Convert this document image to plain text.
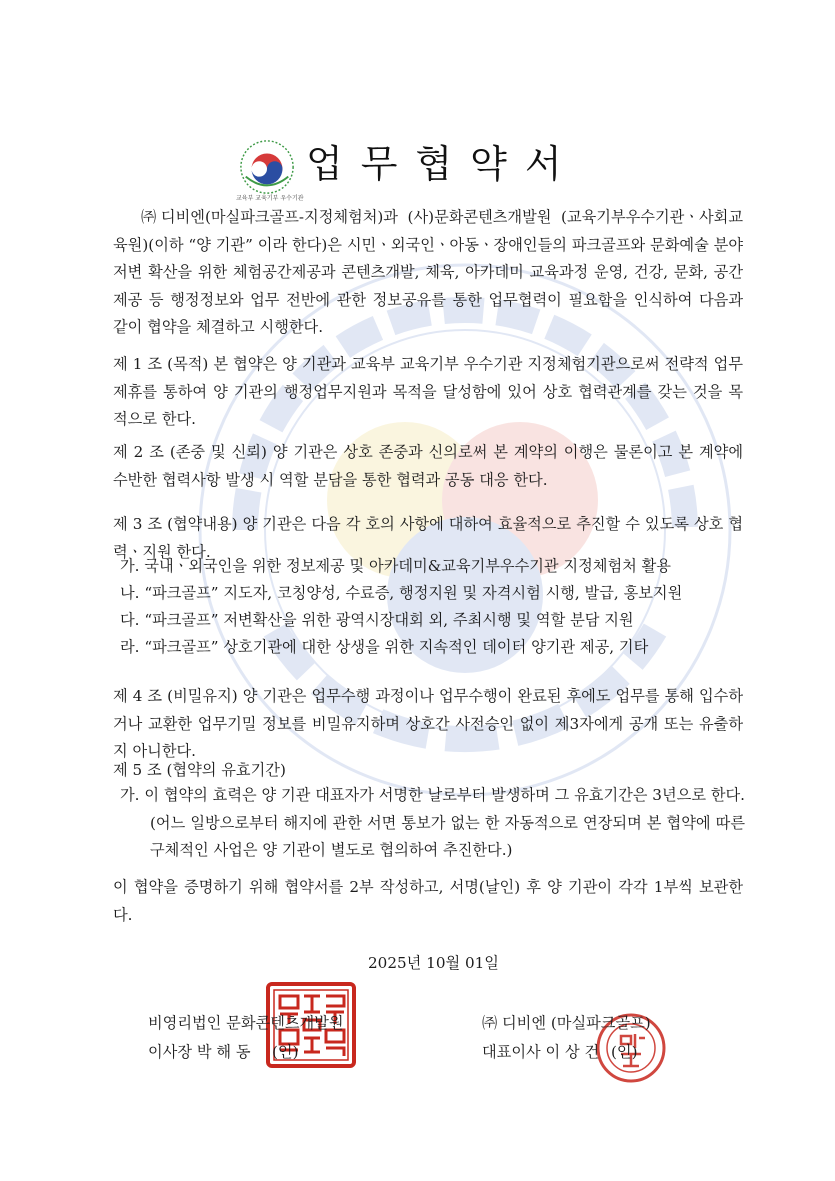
교육부 교육기부 우수기관
업무협약서

㈜디비엔(마실파크골프-지정체험처)과 (사)문화콘텐츠개발원 (교육기부우수기관ㆍ사회교육원)(이하 “양 기관” 이라 한다)은 시민ㆍ외국인ㆍ아동ㆍ장애인들의 파크골프와 문화예술 분야 저변 확산을 위한 체험공간제공과 콘텐츠개발, 체육, 아카데미 교육과정 운영, 건강, 문화, 공간제공 등 행정정보와 업무 전반에 관한 정보공유를 통한 업무협력이 필요함을 인식하여 다음과 같이 협약을 체결하고 시행한다.

제 1 조 (목적) 본 협약은 양 기관과 교육부 교육기부 우수기관 지정체험기관으로써 전략적 업무제휴를 통하여 양 기관의 행정업무지원과 목적을 달성함에 있어 상호 협력관계를 갖는 것을 목적으로 한다.

제 2 조 (존중 및 신뢰) 양 기관은 상호 존중과 신의로써 본 계약의 이행은 물론이고 본 계약에 수반한 협력사항 발생 시 역할 분담을 통한 협력과 공동 대응 한다.

제 3 조 (협약내용) 양 기관은 다음 각 호의 사항에 대하여 효율적으로 추진할 수 있도록 상호 협력ㆍ지원 한다.

가. 국내ㆍ외국인을 위한 정보제공 및 아카데미&교육기부우수기관 지정체험처 활용
나. “파크골프” 지도자, 코칭양성, 수료증, 행정지원 및 자격시험 시행, 발급, 홍보지원
다. “파크골프” 저변확산을 위한 광역시장대회 외, 주최시행 및 역할 분담 지원
라. “파크골프” 상호기관에 대한 상생을 위한 지속적인 데이터 양기관 제공, 기타

제 4 조 (비밀유지) 양 기관은 업무수행 과정이나 업무수행이 완료된 후에도 업무를 통해 입수하거나 교환한 업무기밀 정보를 비밀유지하며 상호간 사전승인 없이 제3자에게 공개 또는 유출하지 아니한다.

제 5 조 (협약의 유효기간)

가. 이 협약의 효력은 양 기관 대표자가 서명한 날로부터 발생하며 그 유효기간은 3년으로 한다. (어느 일방으로부터 해지에 관한 서면 통보가 없는 한 자동적으로 연장되며 본 협약에 따른 구체적인 사업은 양 기관이 별도로 협의하여 추진한다.)

이 협약을 증명하기 위해 협약서를 2부 작성하고, 서명(날인) 후 양 기관이 각각 1부씩 보관한다.

2025년 10월 01일

비영리법인 문화콘텐츠개발원

이사장 박 해 동 (인)

㈜ 디비엔 (마실파크골프)

대표이사 이 상 건 (인)
